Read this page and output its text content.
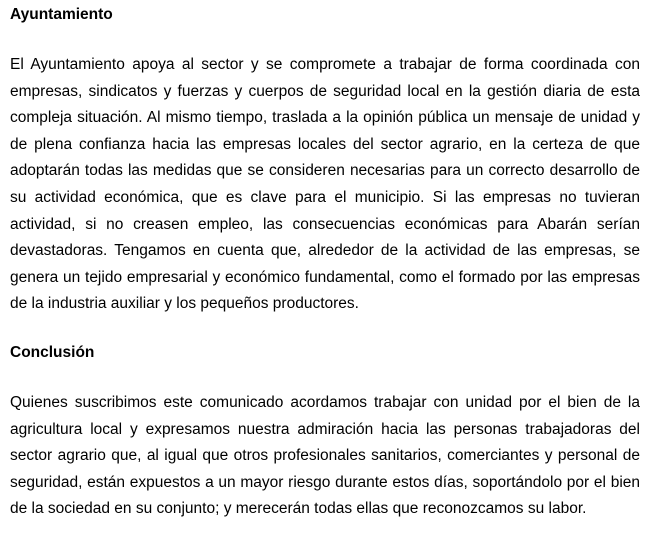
Ayuntamiento

El Ayuntamiento apoya al sector y se compromete a trabajar de forma coordinada con empresas, sindicatos y fuerzas y cuerpos de seguridad local en la gestión diaria de esta compleja situación. Al mismo tiempo, traslada a la opinión pública un mensaje de unidad y de plena confianza hacia las empresas locales del sector agrario, en la certeza de que adoptarán todas las medidas que se consideren necesarias para un correcto desarrollo de su actividad económica, que es clave para el municipio. Si las empresas no tuvieran actividad, si no creasen empleo, las consecuencias económicas para Abarán serían devastadoras. Tengamos en cuenta que, alrededor de la actividad de las empresas, se genera un tejido empresarial y económico fundamental, como el formado por las empresas de la industria auxiliar y los pequeños productores.

Conclusión

Quienes suscribimos este comunicado acordamos trabajar con unidad por el bien de la agricultura local y expresamos nuestra admiración hacia las personas trabajadoras del sector agrario que, al igual que otros profesionales sanitarios, comerciantes y personal de seguridad, están expuestos a un mayor riesgo durante estos días, soportándolo por el bien de la sociedad en su conjunto; y merecerán todas ellas que reconozcamos su labor.
